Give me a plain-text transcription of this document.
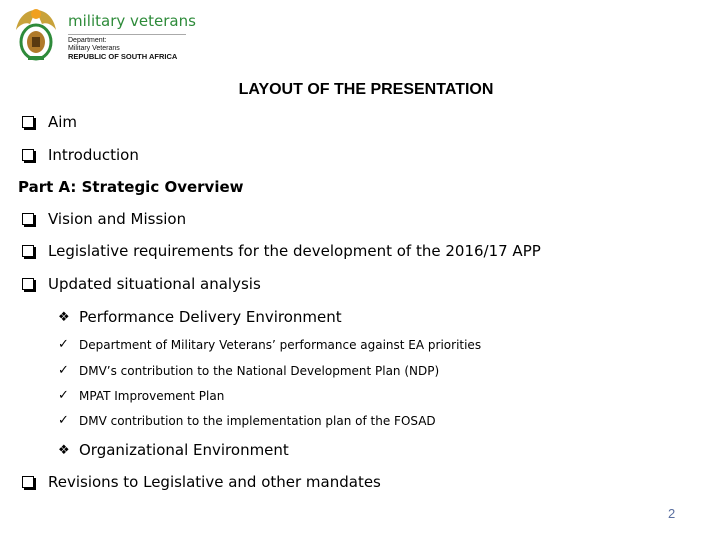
military veterans
Department:
Military Veterans
REPUBLIC OF SOUTH AFRICA
LAYOUT OF THE PRESENTATION
Aim
Introduction
Part A: Strategic Overview
Vision and Mission
Legislative requirements for the development of the 2016/17 APP
Updated situational analysis
❖ Performance Delivery Environment
✓ Department of Military Veterans’ performance against EA priorities
✓ DMV’s contribution to the National Development Plan (NDP)
✓ MPAT Improvement Plan
✓ DMV contribution to the implementation plan of the FOSAD
❖ Organizational Environment
Revisions to Legislative and other mandates
2
